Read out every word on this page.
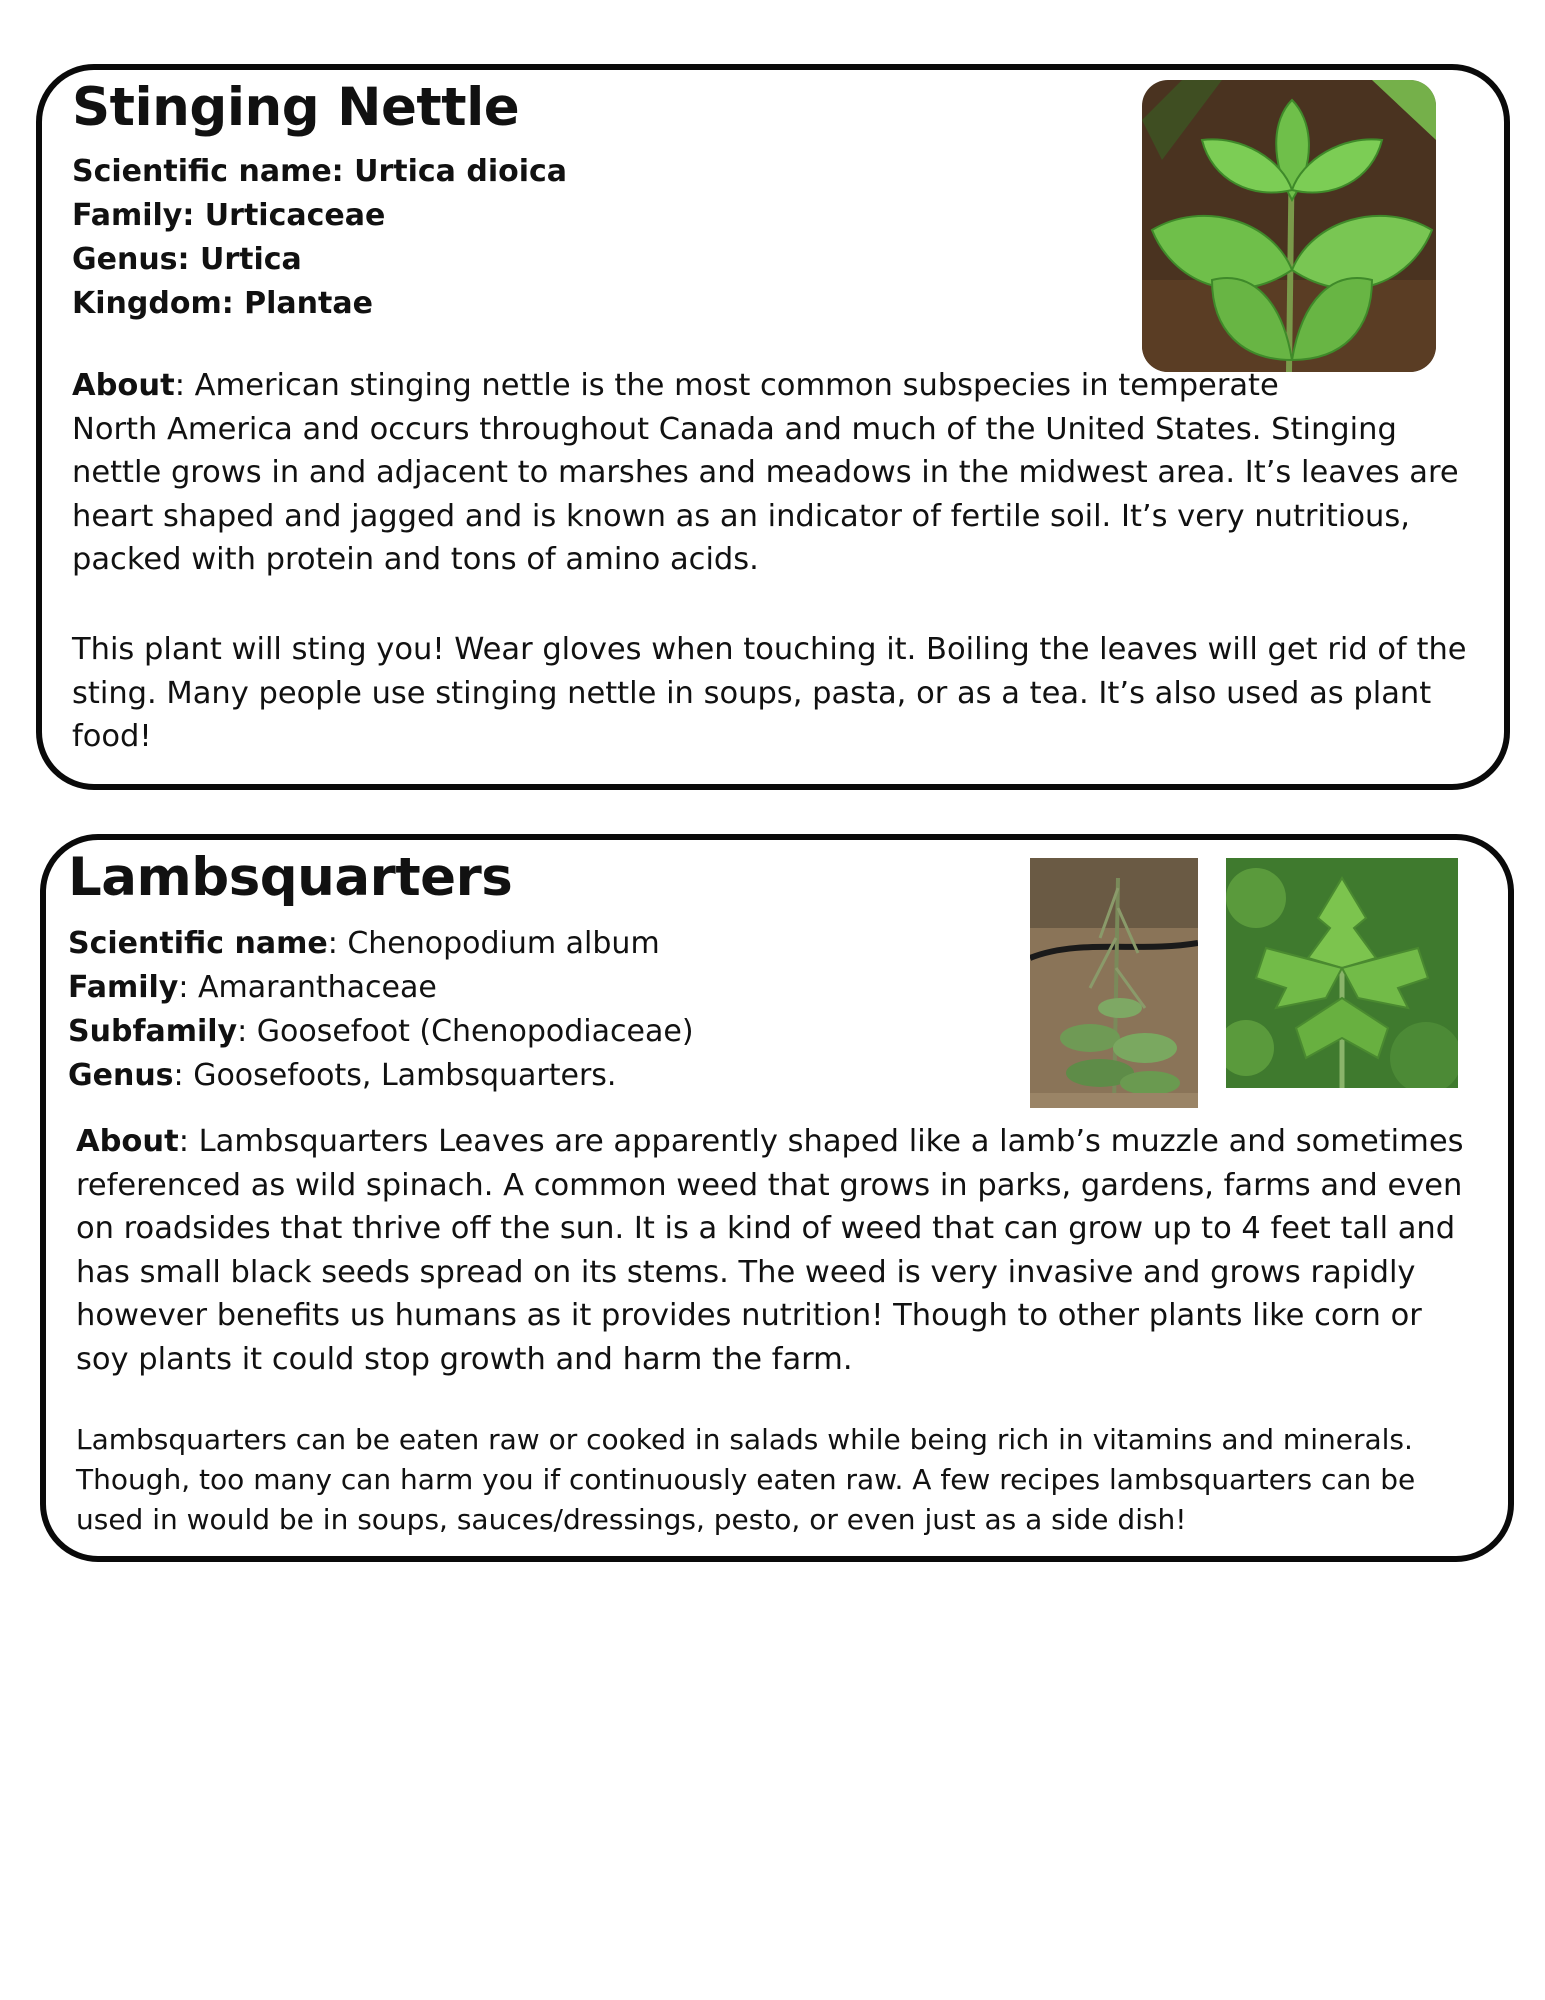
Stinging Nettle
Scientific name: Urtica dioica
Family: Urticaceae
Genus: Urtica
Kingdom: Plantae

About: American stinging nettle is the most common subspecies in temperate
North America and occurs throughout Canada and much of the United States. Stinging
nettle grows in and adjacent to marshes and meadows in the midwest area. It’s leaves are
heart shaped and jagged and is known as an indicator of fertile soil. It’s very nutritious,
packed with protein and tons of amino acids.

This plant will sting you! Wear gloves when touching it. Boiling the leaves will get rid of the
sting. Many people use stinging nettle in soups, pasta, or as a tea. It’s also used as plant
food!

Lambsquarters
Scientific name: Chenopodium album
Family: Amaranthaceae
Subfamily: Goosefoot (Chenopodiaceae)
Genus: Goosefoots, Lambsquarters.

About: Lambsquarters Leaves are apparently shaped like a lamb’s muzzle and sometimes
referenced as wild spinach. A common weed that grows in parks, gardens, farms and even
on roadsides that thrive off the sun. It is a kind of weed that can grow up to 4 feet tall and
has small black seeds spread on its stems. The weed is very invasive and grows rapidly
however benefits us humans as it provides nutrition! Though to other plants like corn or
soy plants it could stop growth and harm the farm.

Lambsquarters can be eaten raw or cooked in salads while being rich in vitamins and minerals.
Though, too many can harm you if continuously eaten raw. A few recipes lambsquarters can be
used in would be in soups, sauces/dressings, pesto, or even just as a side dish!
